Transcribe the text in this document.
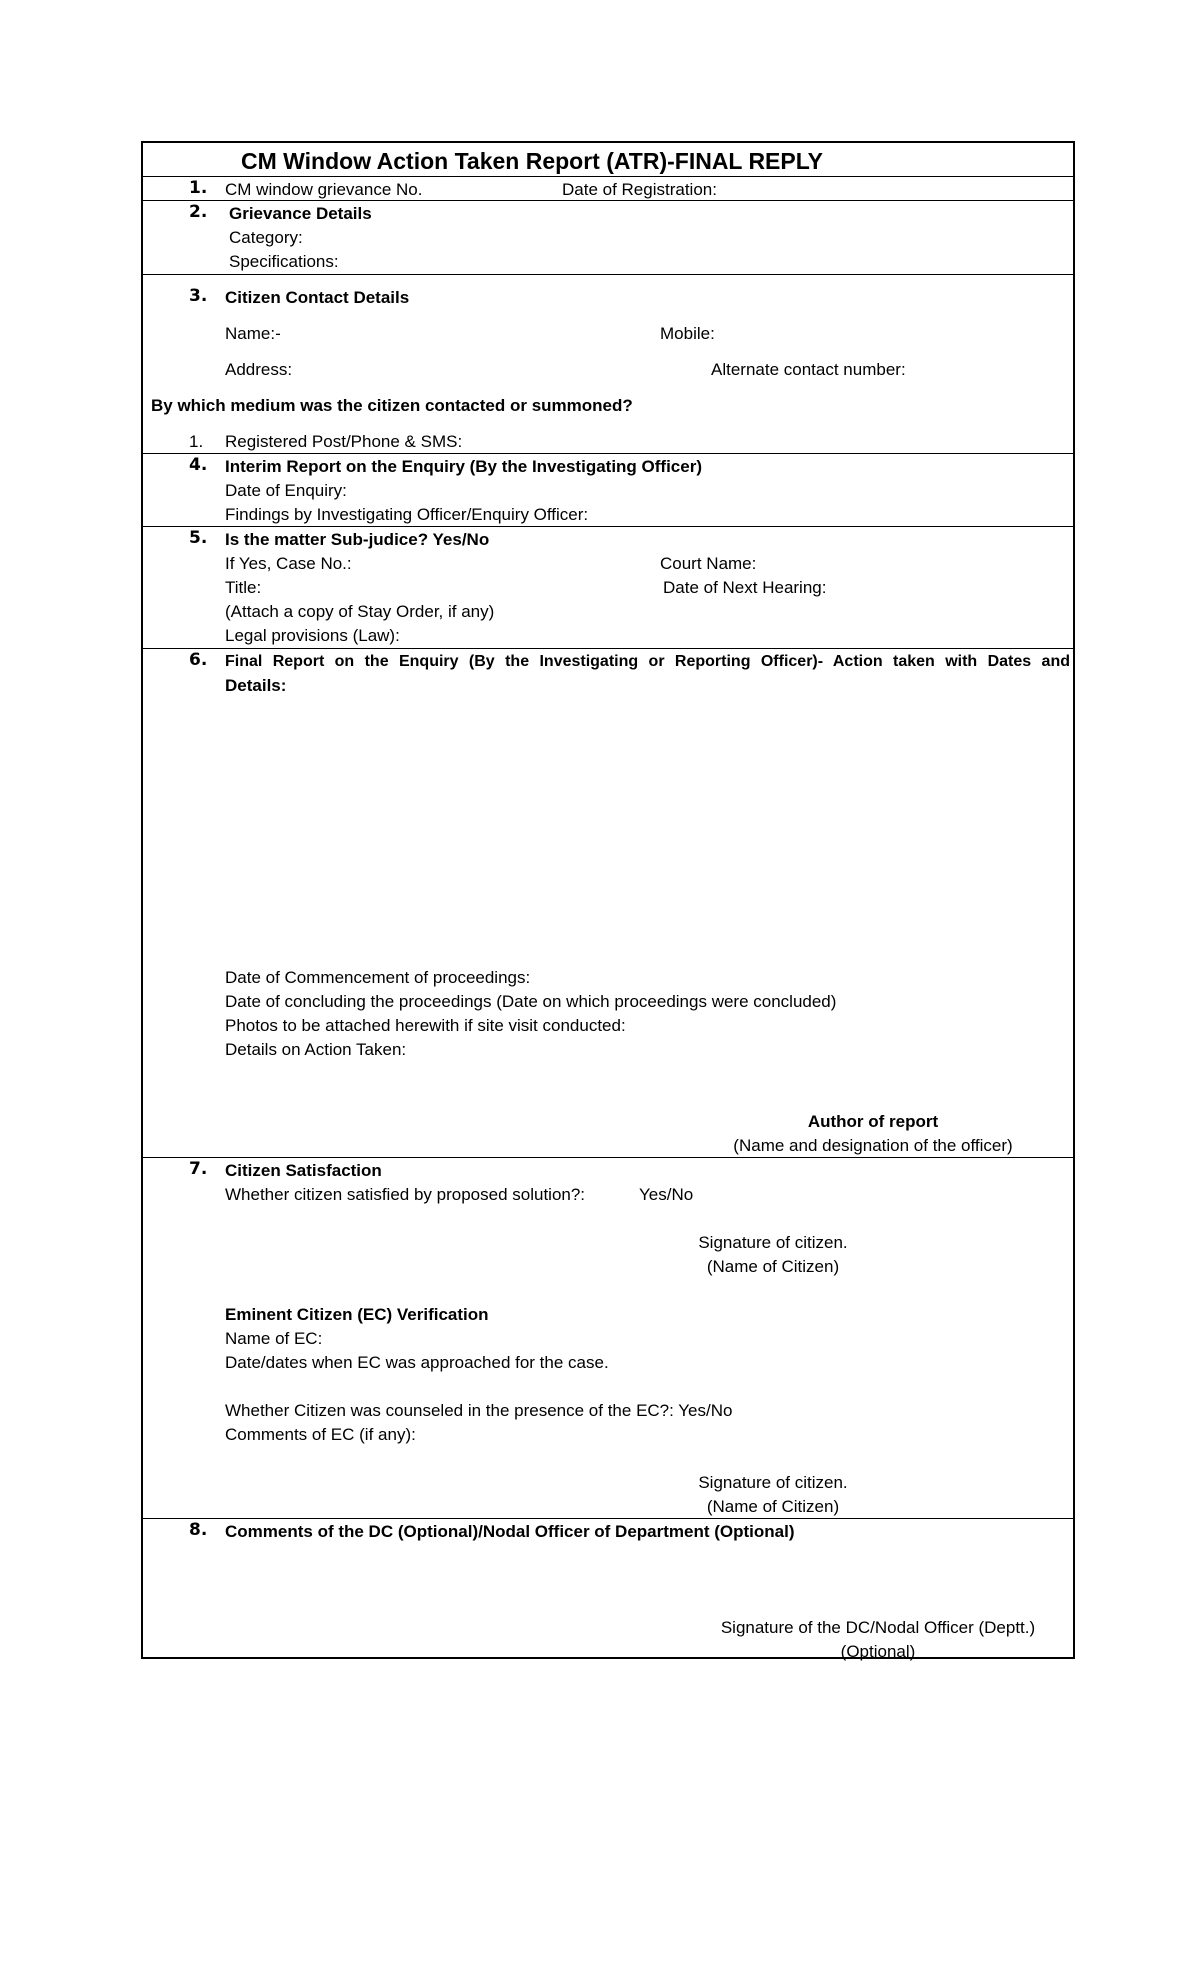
CM Window Action Taken Report (ATR)-FINAL REPLY
1. CM window grievance No.	Date of Registration:
2. Grievance Details
Category:
Specifications:
3. Citizen Contact Details
Name:-	Mobile:
Address:	Alternate contact number:
By which medium was the citizen contacted or summoned?
1. Registered Post/Phone & SMS:
4. Interim Report on the Enquiry (By the Investigating Officer)
Date of Enquiry:
Findings by Investigating Officer/Enquiry Officer:
5. Is the matter Sub-judice? Yes/No
If Yes, Case No.:	Court Name:
Title:	Date of Next Hearing:
(Attach a copy of Stay Order, if any)
Legal provisions (Law):
6. Final Report on the Enquiry (By the Investigating or Reporting Officer)- Action taken with Dates and
Details:
Date of Commencement of proceedings:
Date of concluding the proceedings (Date on which proceedings were concluded)
Photos to be attached herewith if site visit conducted:
Details on Action Taken:
Author of report
(Name and designation of the officer)
7. Citizen Satisfaction
Whether citizen satisfied by proposed solution?:	Yes/No
Signature of citizen.
(Name of Citizen)
Eminent Citizen (EC) Verification
Name of EC:
Date/dates when EC was approached for the case.
Whether Citizen was counseled in the presence of the EC?: Yes/No
Comments of EC (if any):
Signature of citizen.
(Name of Citizen)
8. Comments of the DC (Optional)/Nodal Officer of Department (Optional)
Signature of the DC/Nodal Officer (Deptt.)
(Optional)
